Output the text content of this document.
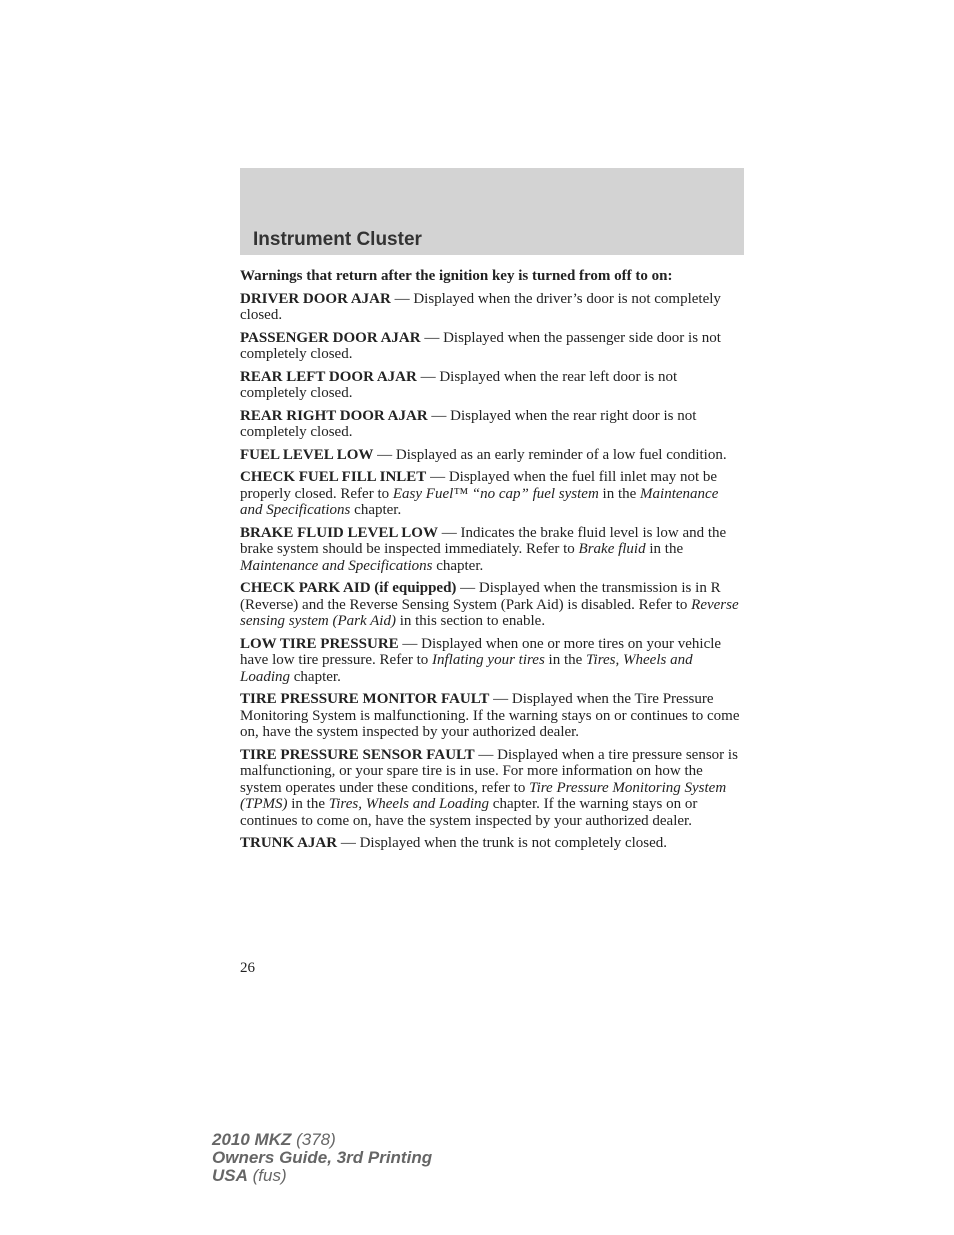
Instrument Cluster

Warnings that return after the ignition key is turned from off to on:

DRIVER DOOR AJAR — Displayed when the driver’s door is not completely closed.

PASSENGER DOOR AJAR — Displayed when the passenger side door is not completely closed.

REAR LEFT DOOR AJAR — Displayed when the rear left door is not completely closed.

REAR RIGHT DOOR AJAR — Displayed when the rear right door is not completely closed.

FUEL LEVEL LOW — Displayed as an early reminder of a low fuel condition.

CHECK FUEL FILL INLET — Displayed when the fuel fill inlet may not be properly closed. Refer to Easy Fuel™ “no cap” fuel system in the Maintenance and Specifications chapter.

BRAKE FLUID LEVEL LOW — Indicates the brake fluid level is low and the brake system should be inspected immediately. Refer to Brake fluid in the Maintenance and Specifications chapter.

CHECK PARK AID (if equipped) — Displayed when the transmission is in R (Reverse) and the Reverse Sensing System (Park Aid) is disabled. Refer to Reverse sensing system (Park Aid) in this section to enable.

LOW TIRE PRESSURE — Displayed when one or more tires on your vehicle have low tire pressure. Refer to Inflating your tires in the Tires, Wheels and Loading chapter.

TIRE PRESSURE MONITOR FAULT — Displayed when the Tire Pressure Monitoring System is malfunctioning. If the warning stays on or continues to come on, have the system inspected by your authorized dealer.

TIRE PRESSURE SENSOR FAULT — Displayed when a tire pressure sensor is malfunctioning, or your spare tire is in use. For more information on how the system operates under these conditions, refer to Tire Pressure Monitoring System (TPMS) in the Tires, Wheels and Loading chapter. If the warning stays on or continues to come on, have the system inspected by your authorized dealer.

TRUNK AJAR — Displayed when the trunk is not completely closed.

26
2010 MKZ (378)
Owners Guide, 3rd Printing
USA (fus)
